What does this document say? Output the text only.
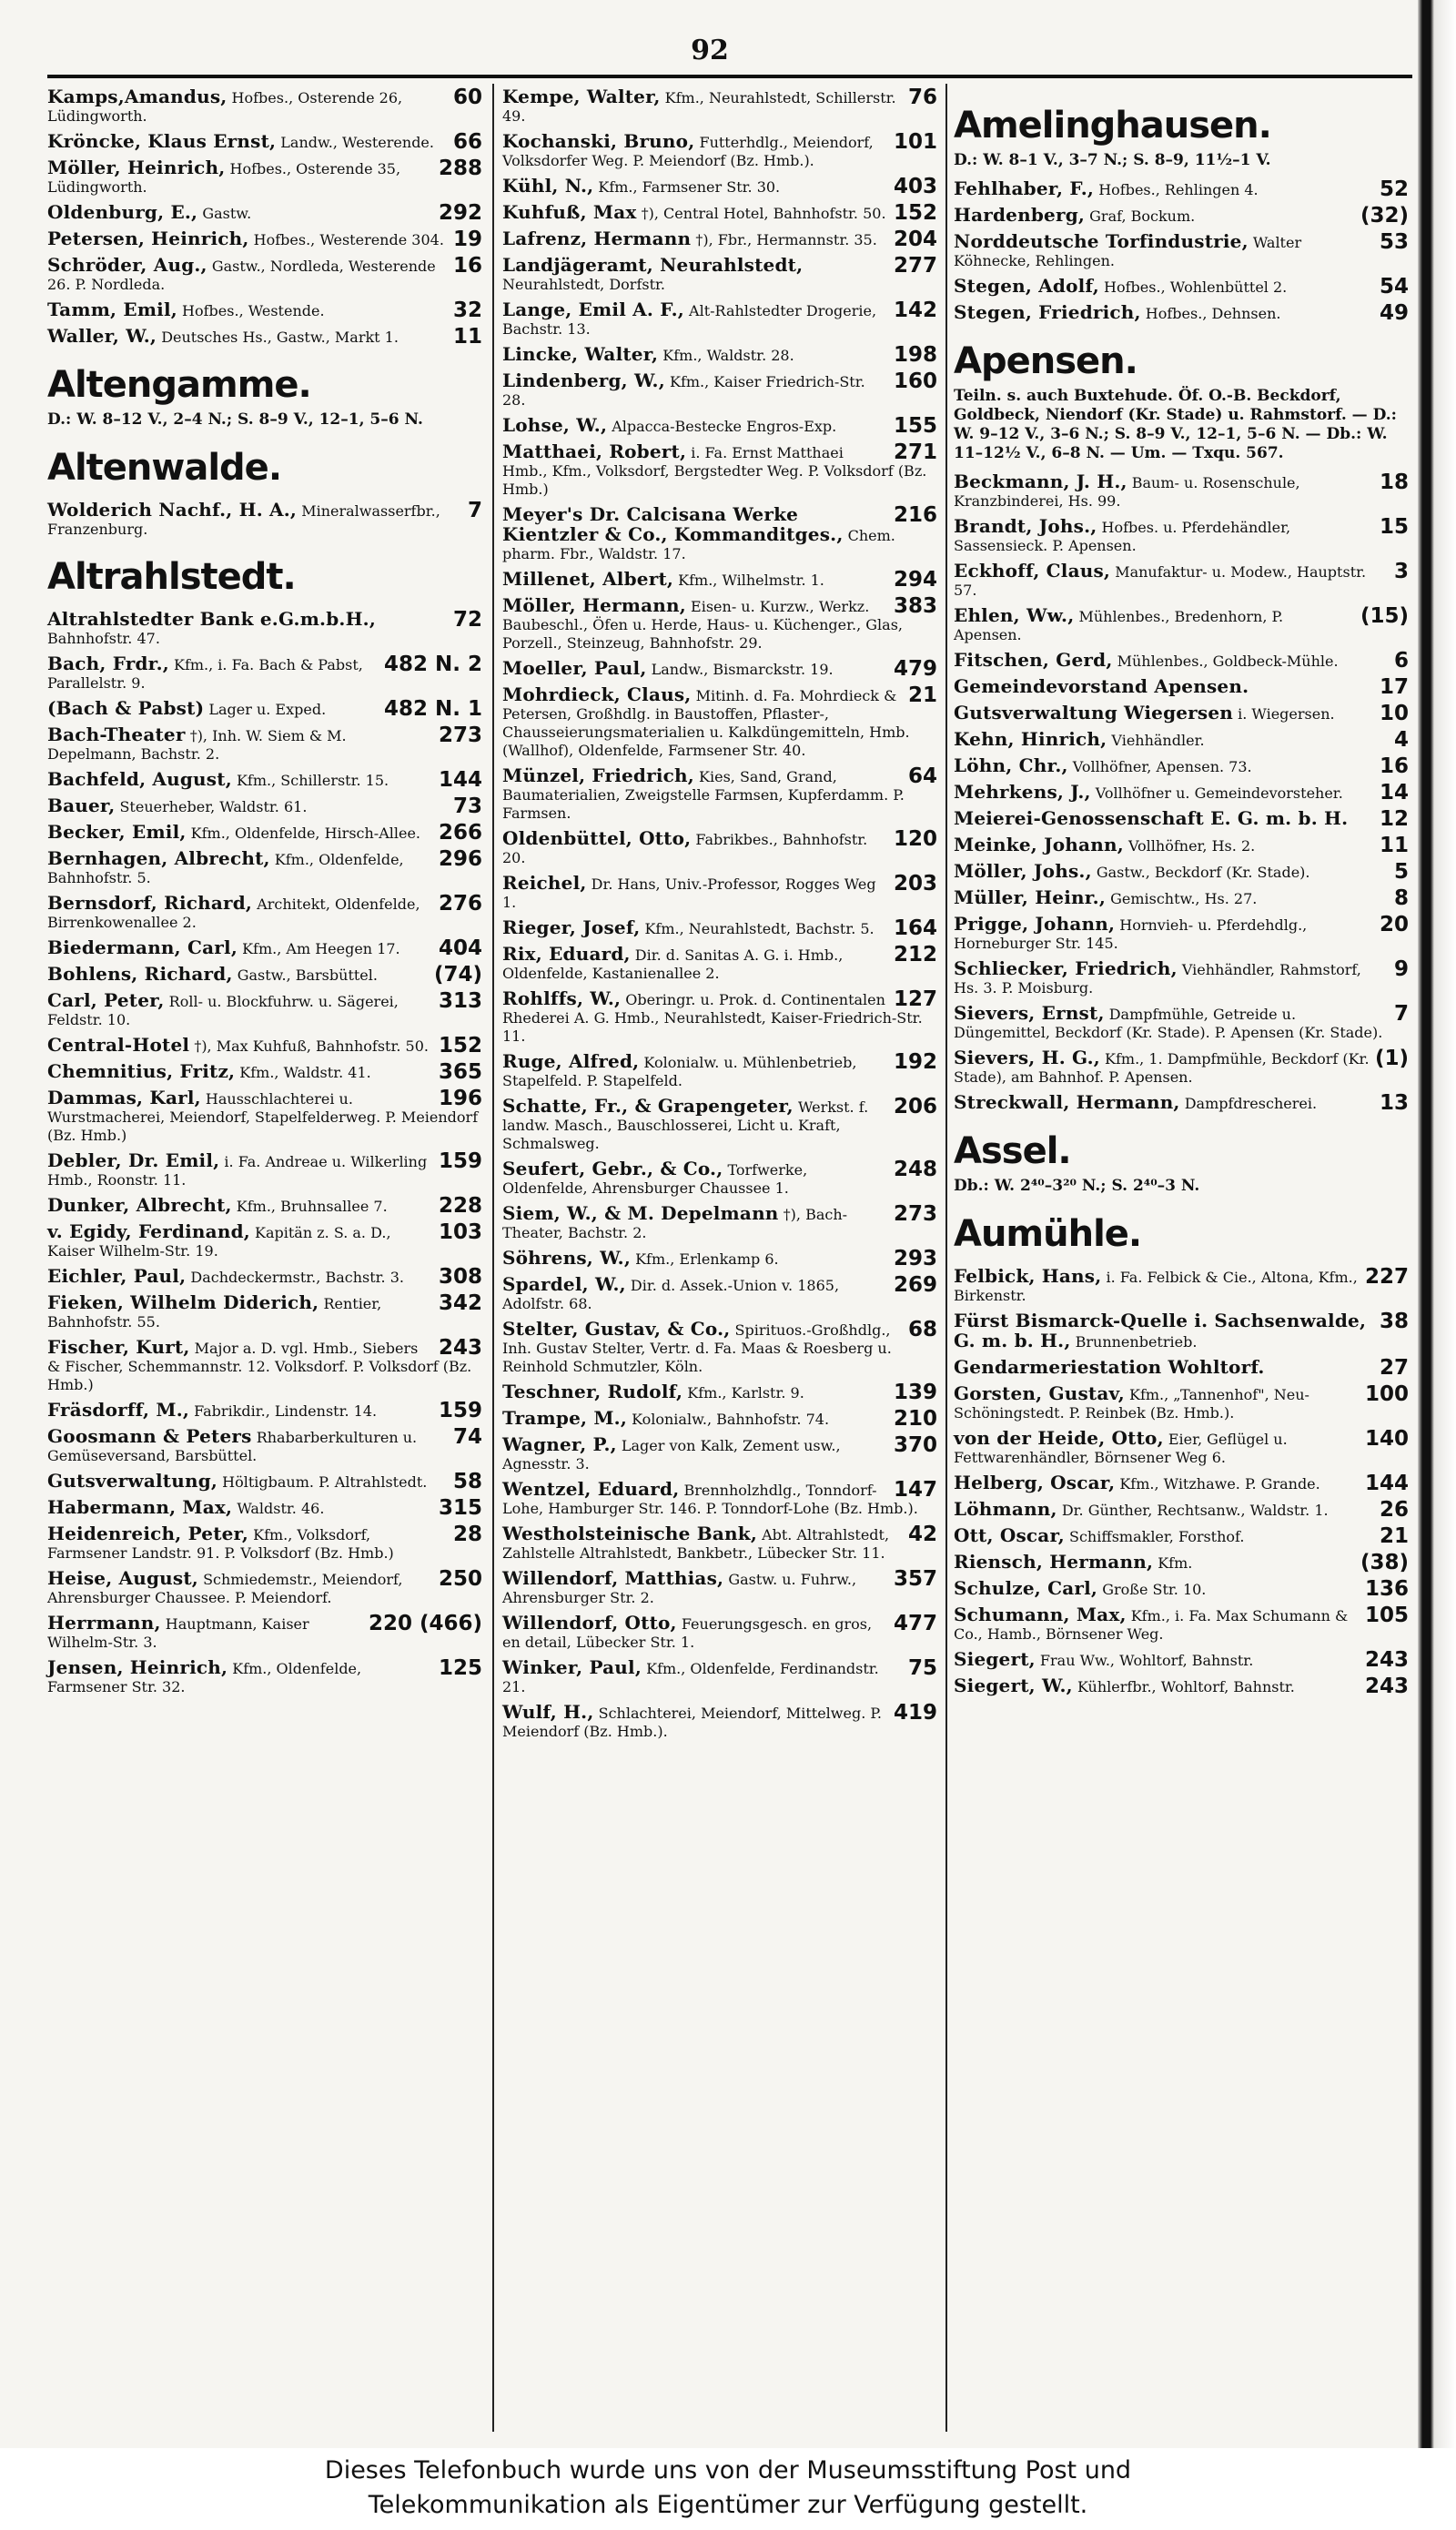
92
60
Kamps,Amandus, Hofbes., Osterende 26, Lüdingworth.
66
Kröncke, Klaus Ernst, Landw., Westerende.
288
Möller, Heinrich, Hofbes., Osterende 35, Lüdingworth.
292
Oldenburg, E., Gastw.
19
Petersen, Heinrich, Hofbes., Westerende 304.
16
Schröder, Aug., Gastw., Nordleda, Westerende 26. P. Nordleda.
32
Tamm, Emil, Hofbes., Westende.
11
Waller, W., Deutsches Hs., Gastw., Markt 1.
Altengamme.
D.: W. 8–12 V., 2–4 N.; S. 8–9 V., 12–1, 5–6 N.
Altenwalde.
7
Wolderich Nachf., H. A., Mineralwasserfbr., Franzenburg.
Altrahlstedt.
72
Altrahlstedter Bank e.G.m.b.H., Bahnhofstr. 47.
482 N. 2
Bach, Frdr., Kfm., i. Fa. Bach & Pabst, Parallelstr. 9.
482 N. 1
(Bach & Pabst) Lager u. Exped.
273
Bach-Theater †), Inh. W. Siem & M. Depelmann, Bachstr. 2.
144
Bachfeld, August, Kfm., Schillerstr. 15.
73
Bauer, Steuerheber, Waldstr. 61.
266
Becker, Emil, Kfm., Oldenfelde, Hirsch-Allee.
296
Bernhagen, Albrecht, Kfm., Oldenfelde, Bahnhofstr. 5.
276
Bernsdorf, Richard, Architekt, Oldenfelde, Birrenkowenallee 2.
404
Biedermann, Carl, Kfm., Am Heegen 17.
(74)
Bohlens, Richard, Gastw., Barsbüttel.
313
Carl, Peter, Roll- u. Blockfuhrw. u. Sägerei, Feldstr. 10.
152
Central-Hotel †), Max Kuhfuß, Bahnhofstr. 50.
365
Chemnitius, Fritz, Kfm., Waldstr. 41.
196
Dammas, Karl, Hausschlachterei u. Wurstmacherei, Meiendorf, Stapelfelderweg. P. Meiendorf (Bz. Hmb.)
159
Debler, Dr. Emil, i. Fa. Andreae u. Wilkerling Hmb., Roonstr. 11.
228
Dunker, Albrecht, Kfm., Bruhnsallee 7.
103
v. Egidy, Ferdinand, Kapitän z. S. a. D., Kaiser Wilhelm-Str. 19.
308
Eichler, Paul, Dachdeckermstr., Bachstr. 3.
342
Fieken, Wilhelm Diderich, Rentier, Bahnhofstr. 55.
243
Fischer, Kurt, Major a. D. vgl. Hmb., Siebers & Fischer, Schemmannstr. 12. Volksdorf. P. Volksdorf (Bz. Hmb.)
159
Fräsdorff, M., Fabrikdir., Lindenstr. 14.
74
Goosmann & Peters Rhabarberkulturen u. Gemüseversand, Barsbüttel.
58
Gutsverwaltung, Höltigbaum. P. Altrahlstedt.
315
Habermann, Max, Waldstr. 46.
28
Heidenreich, Peter, Kfm., Volksdorf, Farmsener Landstr. 91. P. Volksdorf (Bz. Hmb.)
250
Heise, August, Schmiedemstr., Meiendorf, Ahrensburger Chaussee. P. Meiendorf.
220 (466)
Herrmann, Hauptmann, Kaiser Wilhelm-Str. 3.
125
Jensen, Heinrich, Kfm., Oldenfelde, Farmsener Str. 32.
76
Kempe, Walter, Kfm., Neurahlstedt, Schillerstr. 49.
101
Kochanski, Bruno, Futterhdlg., Meiendorf, Volksdorfer Weg. P. Meiendorf (Bz. Hmb.).
403
Kühl, N., Kfm., Farmsener Str. 30.
152
Kuhfuß, Max †), Central Hotel, Bahnhofstr. 50.
204
Lafrenz, Hermann †), Fbr., Hermannstr. 35.
277
Landjägeramt, Neurahlstedt, Neurahlstedt, Dorfstr.
142
Lange, Emil A. F., Alt-Rahlstedter Drogerie, Bachstr. 13.
198
Lincke, Walter, Kfm., Waldstr. 28.
160
Lindenberg, W., Kfm., Kaiser Friedrich-Str. 28.
155
Lohse, W., Alpacca-Bestecke Engros-Exp.
271
Matthaei, Robert, i. Fa. Ernst Matthaei Hmb., Kfm., Volksdorf, Bergstedter Weg. P. Volksdorf (Bz. Hmb.)
216
Meyer's Dr. Calcisana Werke Kientzler & Co., Kommanditges., Chem. pharm. Fbr., Waldstr. 17.
294
Millenet, Albert, Kfm., Wilhelmstr. 1.
383
Möller, Hermann, Eisen- u. Kurzw., Werkz. Baubeschl., Öfen u. Herde, Haus- u. Küchenger., Glas, Porzell., Steinzeug, Bahnhofstr. 29.
479
Moeller, Paul, Landw., Bismarckstr. 19.
21
Mohrdieck, Claus, Mitinh. d. Fa. Mohrdieck & Petersen, Großhdlg. in Baustoffen, Pflaster-, Chausseierungsmaterialien u. Kalkdüngemitteln, Hmb. (Wallhof), Oldenfelde, Farmsener Str. 40.
64
Münzel, Friedrich, Kies, Sand, Grand, Baumaterialien, Zweigstelle Farmsen, Kupferdamm. P. Farmsen.
120
Oldenbüttel, Otto, Fabrikbes., Bahnhofstr. 20.
203
Reichel, Dr. Hans, Univ.-Professor, Rogges Weg 1.
164
Rieger, Josef, Kfm., Neurahlstedt, Bachstr. 5.
212
Rix, Eduard, Dir. d. Sanitas A. G. i. Hmb., Oldenfelde, Kastanienallee 2.
127
Rohlffs, W., Oberingr. u. Prok. d. Continentalen Rhederei A. G. Hmb., Neurahlstedt, Kaiser-Friedrich-Str. 11.
192
Ruge, Alfred, Kolonialw. u. Mühlenbetrieb, Stapelfeld. P. Stapelfeld.
206
Schatte, Fr., & Grapengeter, Werkst. f. landw. Masch., Bauschlosserei, Licht u. Kraft, Schmalsweg.
248
Seufert, Gebr., & Co., Torfwerke, Oldenfelde, Ahrensburger Chaussee 1.
273
Siem, W., & M. Depelmann †), Bach-Theater, Bachstr. 2.
293
Söhrens, W., Kfm., Erlenkamp 6.
269
Spardel, W., Dir. d. Assek.-Union v. 1865, Adolfstr. 68.
68
Stelter, Gustav, & Co., Spirituos.-Großhdlg., Inh. Gustav Stelter, Vertr. d. Fa. Maas & Roesberg u. Reinhold Schmutzler, Köln.
139
Teschner, Rudolf, Kfm., Karlstr. 9.
210
Trampe, M., Kolonialw., Bahnhofstr. 74.
370
Wagner, P., Lager von Kalk, Zement usw., Agnesstr. 3.
147
Wentzel, Eduard, Brennholzhdlg., Tonndorf-Lohe, Hamburger Str. 146. P. Tonndorf-Lohe (Bz. Hmb.).
42
Westholsteinische Bank, Abt. Altrahlstedt, Zahlstelle Altrahlstedt, Bankbetr., Lübecker Str. 11.
357
Willendorf, Matthias, Gastw. u. Fuhrw., Ahrensburger Str. 2.
477
Willendorf, Otto, Feuerungsgesch. en gros, en detail, Lübecker Str. 1.
75
Winker, Paul, Kfm., Oldenfelde, Ferdinandstr. 21.
419
Wulf, H., Schlachterei, Meiendorf, Mittelweg. P. Meiendorf (Bz. Hmb.).
Amelinghausen.
D.: W. 8–1 V., 3–7 N.; S. 8–9, 11½–1 V.
52
Fehlhaber, F., Hofbes., Rehlingen 4.
(32)
Hardenberg, Graf, Bockum.
53
Norddeutsche Torfindustrie, Walter Köhnecke, Rehlingen.
54
Stegen, Adolf, Hofbes., Wohlenbüttel 2.
49
Stegen, Friedrich, Hofbes., Dehnsen.
Apensen.
Teiln. s. auch Buxtehude. Öf. O.-B. Beckdorf, Goldbeck, Niendorf (Kr. Stade) u. Rahmstorf. — D.: W. 9–12 V., 3–6 N.; S. 8–9 V., 12–1, 5–6 N. — Db.: W. 11–12½ V., 6–8 N. — Um. — Txqu. 567.
18
Beckmann, J. H., Baum- u. Rosenschule, Kranzbinderei, Hs. 99.
15
Brandt, Johs., Hofbes. u. Pferdehändler, Sassensieck. P. Apensen.
3
Eckhoff, Claus, Manufaktur- u. Modew., Hauptstr. 57.
(15)
Ehlen, Ww., Mühlenbes., Bredenhorn, P. Apensen.
6
Fitschen, Gerd, Mühlenbes., Goldbeck-Mühle.
17
Gemeindevorstand Apensen.
10
Gutsverwaltung Wiegersen i. Wiegersen.
4
Kehn, Hinrich, Viehhändler.
16
Löhn, Chr., Vollhöfner, Apensen. 73.
14
Mehrkens, J., Vollhöfner u. Gemeindevorsteher.
12
Meierei-Genossenschaft E. G. m. b. H.
11
Meinke, Johann, Vollhöfner, Hs. 2.
5
Möller, Johs., Gastw., Beckdorf (Kr. Stade).
8
Müller, Heinr., Gemischtw., Hs. 27.
20
Prigge, Johann, Hornvieh- u. Pferdehdlg., Horneburger Str. 145.
9
Schliecker, Friedrich, Viehhändler, Rahmstorf, Hs. 3. P. Moisburg.
7
Sievers, Ernst, Dampfmühle, Getreide u. Düngemittel, Beckdorf (Kr. Stade). P. Apensen (Kr. Stade).
(1)
Sievers, H. G., Kfm., 1. Dampfmühle, Beckdorf (Kr. Stade), am Bahnhof. P. Apensen.
13
Streckwall, Hermann, Dampfdrescherei.
Assel.
Db.: W. 2⁴⁰–3²⁰ N.; S. 2⁴⁰–3 N.
Aumühle.
227
Felbick, Hans, i. Fa. Felbick & Cie., Altona, Kfm., Birkenstr.
38
Fürst Bismarck-Quelle i. Sachsenwalde, G. m. b. H., Brunnenbetrieb.
27
Gendarmeriestation Wohltorf.
100
Gorsten, Gustav, Kfm., „Tannenhof", Neu-Schöningstedt. P. Reinbek (Bz. Hmb.).
140
von der Heide, Otto, Eier, Geflügel u. Fettwarenhändler, Börnsener Weg 6.
144
Helberg, Oscar, Kfm., Witzhawe. P. Grande.
26
Löhmann, Dr. Günther, Rechtsanw., Waldstr. 1.
21
Ott, Oscar, Schiffsmakler, Forsthof.
(38)
Riensch, Hermann, Kfm.
136
Schulze, Carl, Große Str. 10.
105
Schumann, Max, Kfm., i. Fa. Max Schumann & Co., Hamb., Börnsener Weg.
243
Siegert, Frau Ww., Wohltorf, Bahnstr.
243
Siegert, W., Kühlerfbr., Wohltorf, Bahnstr.
Dieses Telefonbuch wurde uns von der Museumsstiftung Post und
Telekommunikation als Eigentümer zur Verfügung gestellt.
